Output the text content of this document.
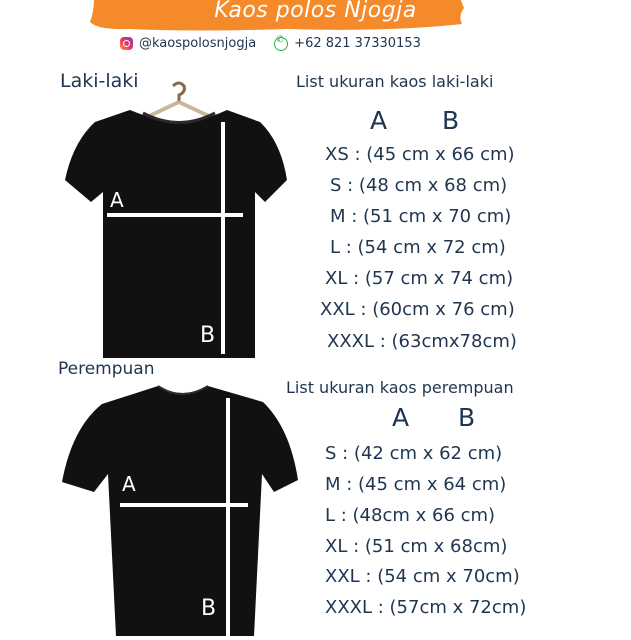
Kaos polos Njogja
@kaospolosnjogja
✆	+62 821 37330153
Laki-laki
A
B
List ukuran kaos laki-laki
A B
XS : (45 cm x 66 cm)
S : (48 cm x 68 cm)
M : (51 cm x 70 cm)
L : (54 cm x 72 cm)
XL : (57 cm x 74 cm)
XXL : (60cm x 76 cm)
XXXL : (63cmx78cm)
Perempuan
A
B
List ukuran kaos perempuan
A B
S : (42 cm x 62 cm)
M : (45 cm x 64 cm)
L : (48cm x 66 cm)
XL : (51 cm x 68cm)
XXL : (54 cm x 70cm)
XXXL : (57cm x 72cm)
